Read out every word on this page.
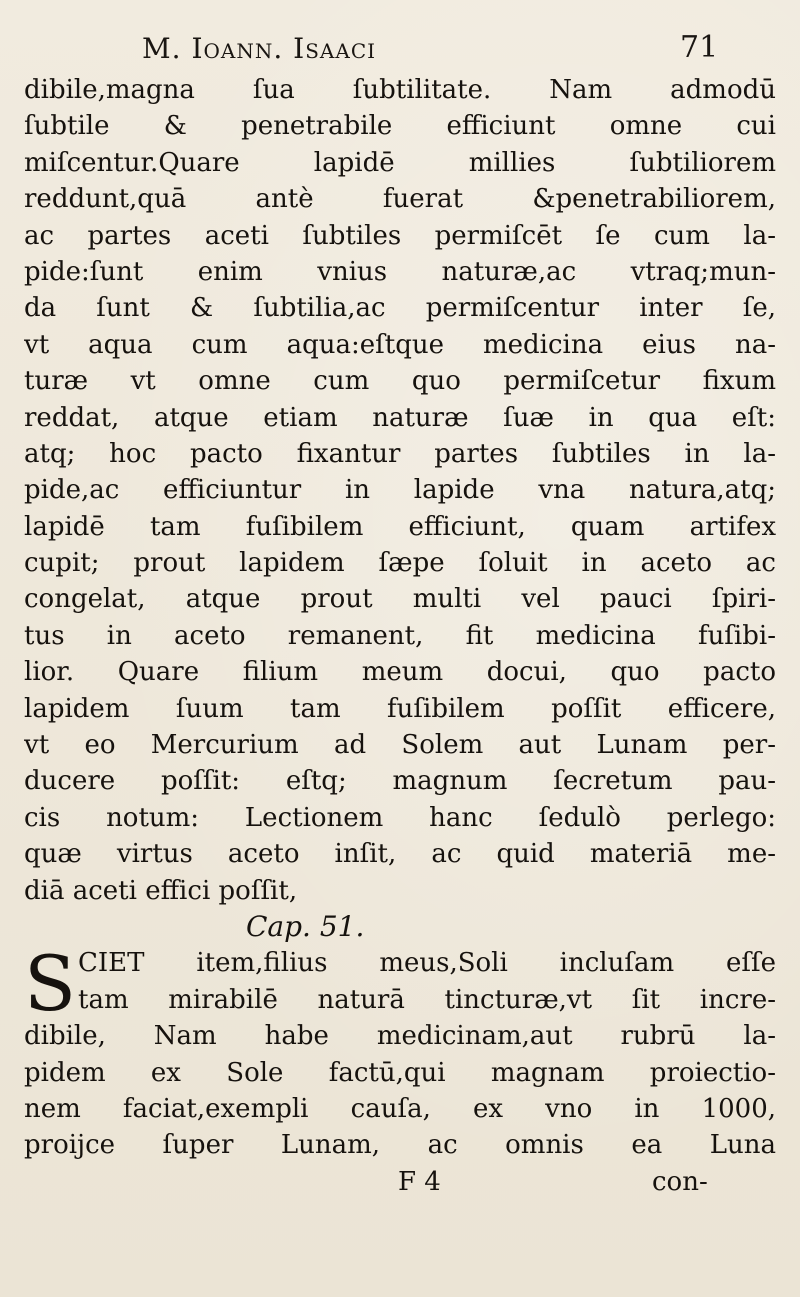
M. Ioann. Isaaci	71
dibile,magna ſua ſubtilitate. Nam admodū
ſubtile & penetrabile efficiunt omne cui
miſcentur.Quare lapidē millies ſubtiliorem
reddunt,quā antè fuerat &penetrabiliorem,
ac partes aceti ſubtiles permiſcēt ſe cum la-
pide:ſunt enim vnius naturæ,ac vtraq;mun-
da ſunt & ſubtilia,ac permiſcentur inter ſe,
vt aqua cum aqua:eſtque medicina eius na-
turæ vt omne cum quo permiſcetur fixum
reddat, atque etiam naturæ ſuæ in qua eſt:
atq; hoc pacto fixantur partes ſubtiles in la-
pide,ac efficiuntur in lapide vna natura,atq;
lapidē tam fuſibilem efficiunt, quam artifex
cupit; prout lapidem ſæpe ſoluit in aceto ac
congelat, atque prout multi vel pauci ſpiri-
tus in aceto remanent, fit medicina fuſibi-
lior. Quare filium meum docui, quo pacto
lapidem ſuum tam fuſibilem poſſit efficere,
vt eo Mercurium ad Solem aut Lunam per-
ducere poſſit: eſtq; magnum ſecretum pau-
cis notum: Lectionem hanc ſedulò perlego:
quæ virtus aceto inſit, ac quid materiā me-
diā aceti effici poſſit,
Cap. 51.
S CIET item,filius meus,Soli incluſam eſſe
tam mirabilē naturā tincturæ,vt ſit incre-
dibile, Nam habe medicinam,aut rubrū la-
pidem ex Sole factū,qui magnam proiectio-
nem faciat,exempli cauſa, ex vno in 1000,
proijce ſuper Lunam, ac omnis ea Luna
F 4	con-
